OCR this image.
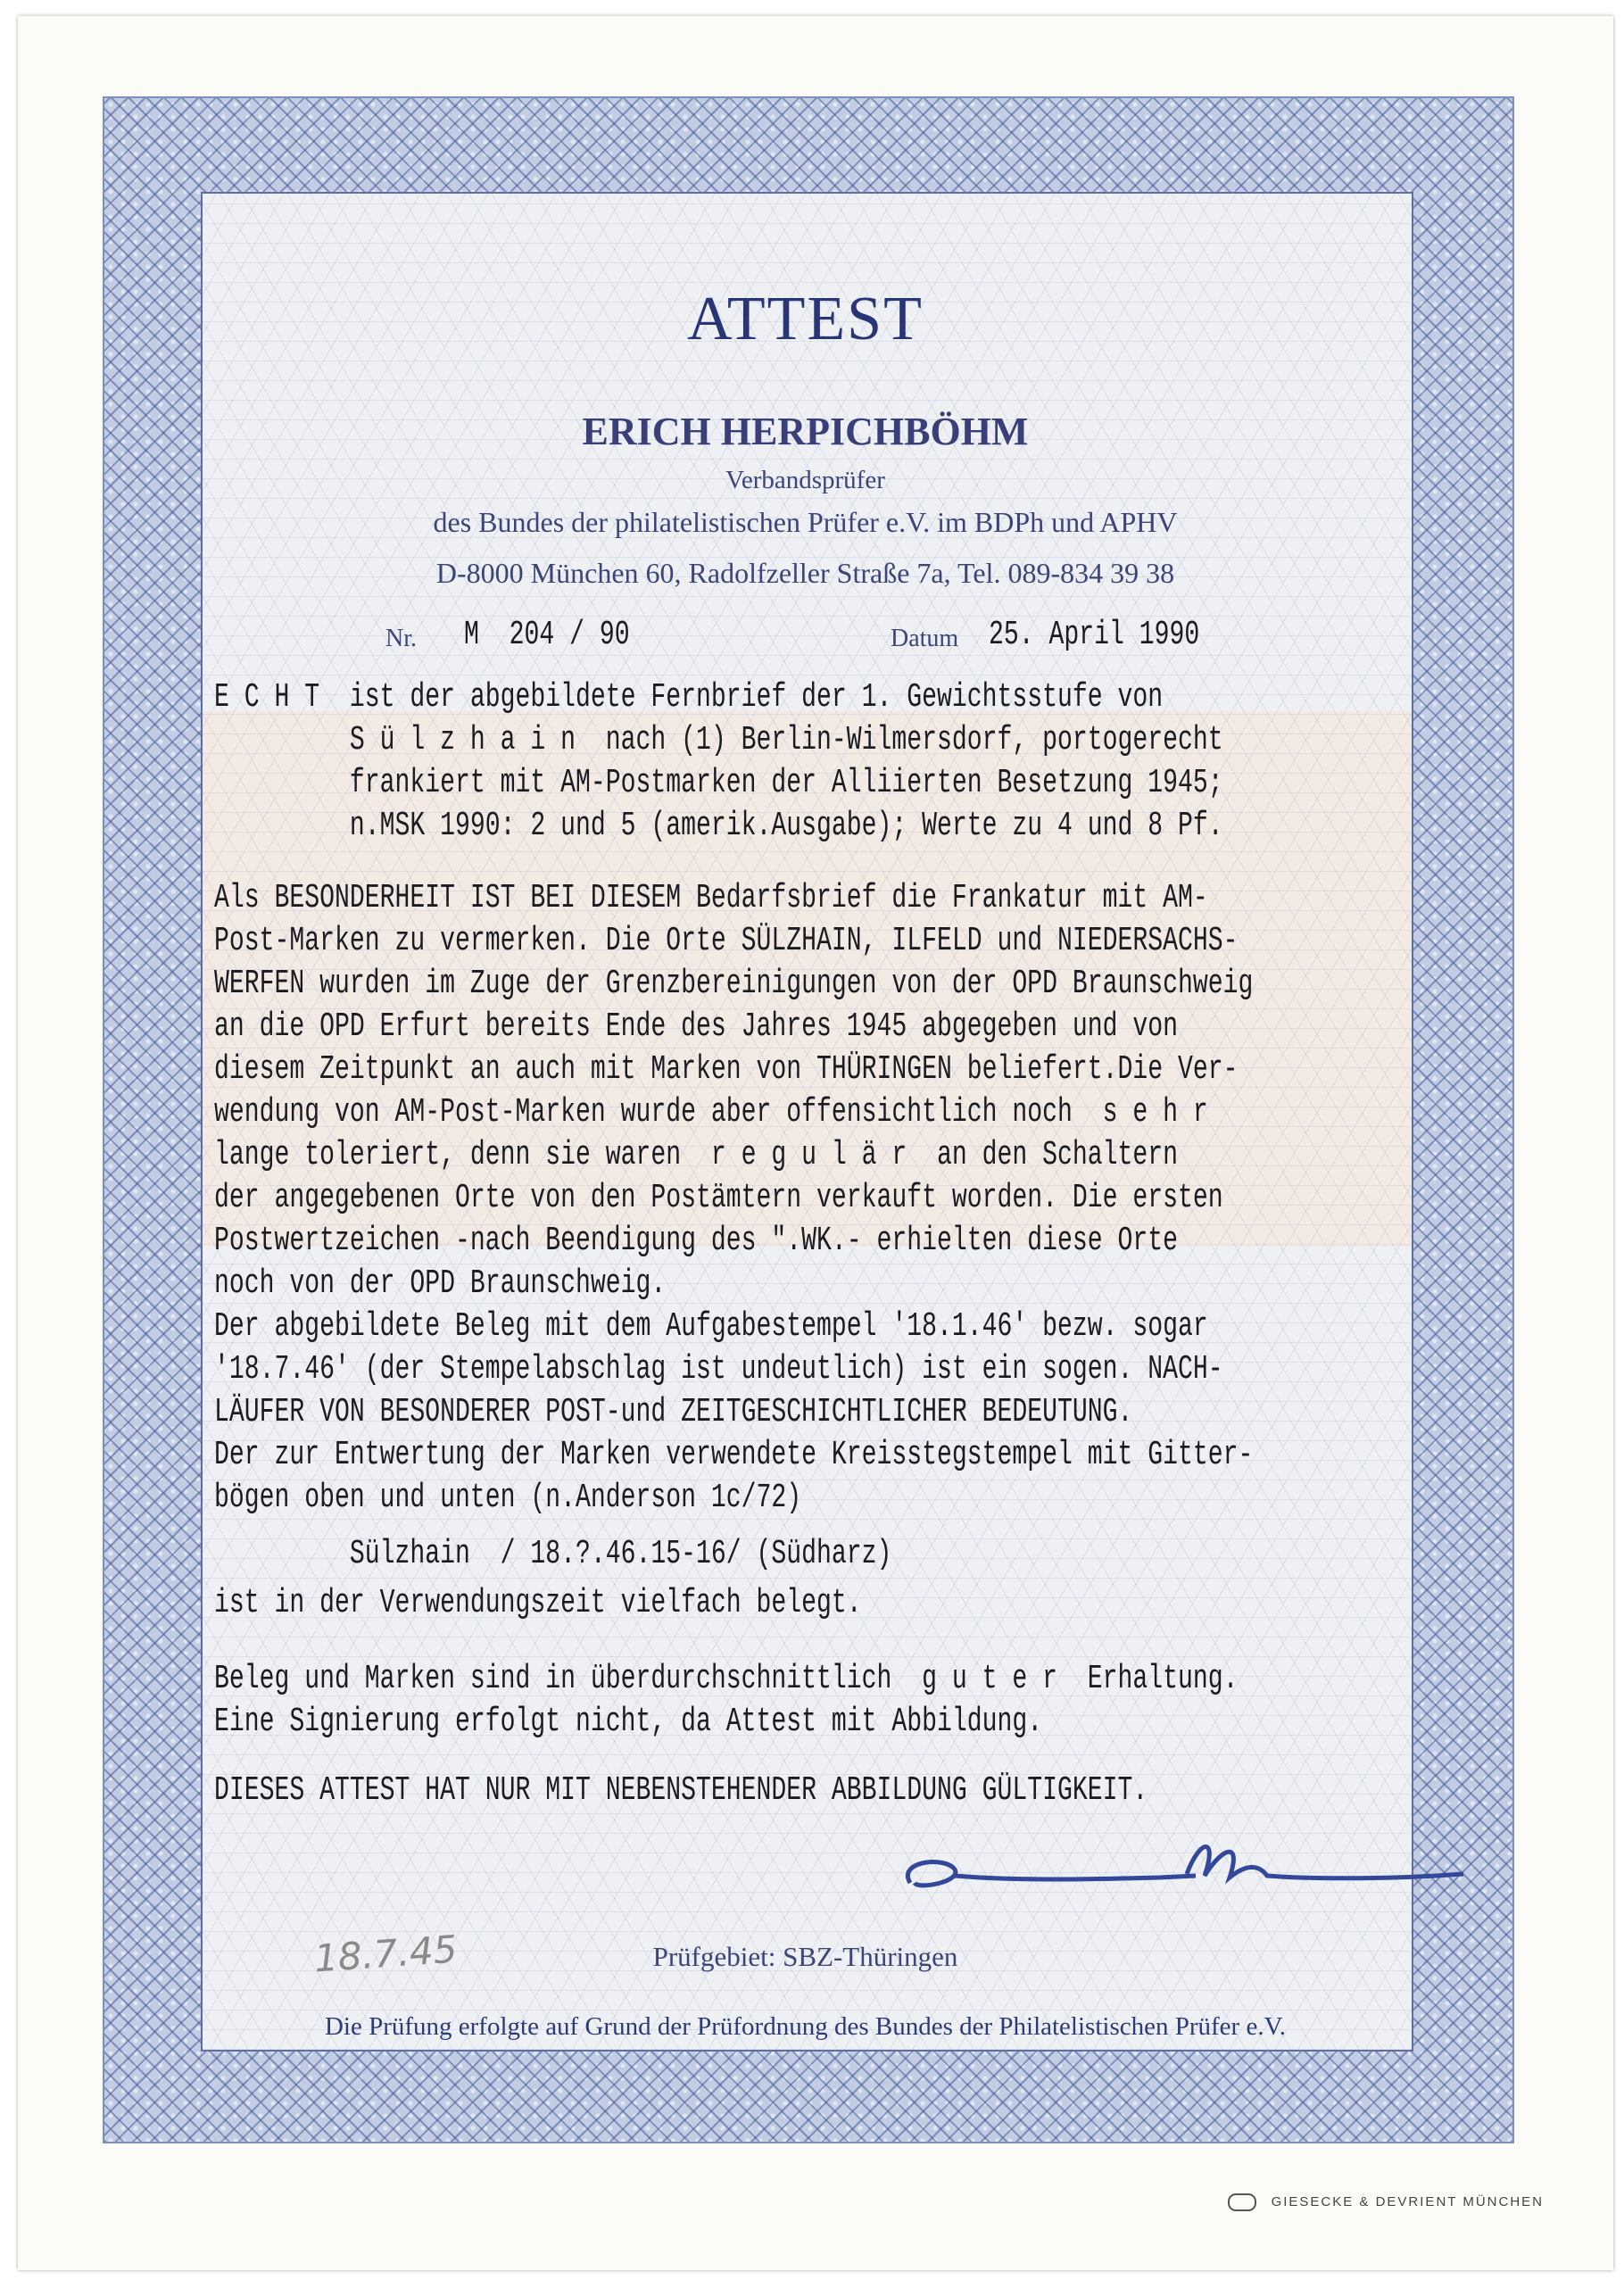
ATTEST
ERICH HERPICHBÖHM
Verbandsprüfer
des Bundes der philatelistischen Prüfer e.V. im BDPh und APHV
D-8000 München 60, Radolfzeller Straße 7a, Tel. 089-834 39 38
Nr. M  204 / 90	Datum 25. April 1990
E C H T  ist der abgebildete Fernbrief der 1. Gewichtsstufe von
S ü l z h a i n  nach (1) Berlin-Wilmersdorf, portogerecht
frankiert mit AM-Postmarken der Alliierten Besetzung 1945;
n.MSK 1990: 2 und 5 (amerik.Ausgabe); Werte zu 4 und 8 Pf.
Als BESONDERHEIT IST BEI DIESEM Bedarfsbrief die Frankatur mit AM-
Post-Marken zu vermerken. Die Orte SÜLZHAIN, ILFELD und NIEDERSACHS-
WERFEN wurden im Zuge der Grenzbereinigungen von der OPD Braunschweig
an die OPD Erfurt bereits Ende des Jahres 1945 abgegeben und von
diesem Zeitpunkt an auch mit Marken von THÜRINGEN beliefert.Die Ver-
wendung von AM-Post-Marken wurde aber offensichtlich noch  s e h r
lange toleriert, denn sie waren  r e g u l ä r  an den Schaltern
der angegebenen Orte von den Postämtern verkauft worden. Die ersten
Postwertzeichen -nach Beendigung des ".WK.- erhielten diese Orte
noch von der OPD Braunschweig.
Der abgebildete Beleg mit dem Aufgabestempel '18.1.46' bezw. sogar
'18.7.46' (der Stempelabschlag ist undeutlich) ist ein sogen. NACH-
LÄUFER VON BESONDERER POST-und ZEITGESCHICHTLICHER BEDEUTUNG.
Der zur Entwertung der Marken verwendete Kreisstegstempel mit Gitter-
bögen oben und unten (n.Anderson 1c/72)
Sülzhain  / 18.?.46.15-16/ (Südharz)
ist in der Verwendungszeit vielfach belegt.
Beleg und Marken sind in überdurchschnittlich  g u t e r  Erhaltung.
Eine Signierung erfolgt nicht, da Attest mit Abbildung.
DIESES ATTEST HAT NUR MIT NEBENSTEHENDER ABBILDUNG GÜLTIGKEIT.
18.7.45	Prüfgebiet: SBZ-Thüringen
Die Prüfung erfolgte auf Grund der Prüfordnung des Bundes der Philatelistischen Prüfer e.V.
GIESECKE & DEVRIENT MÜNCHEN
